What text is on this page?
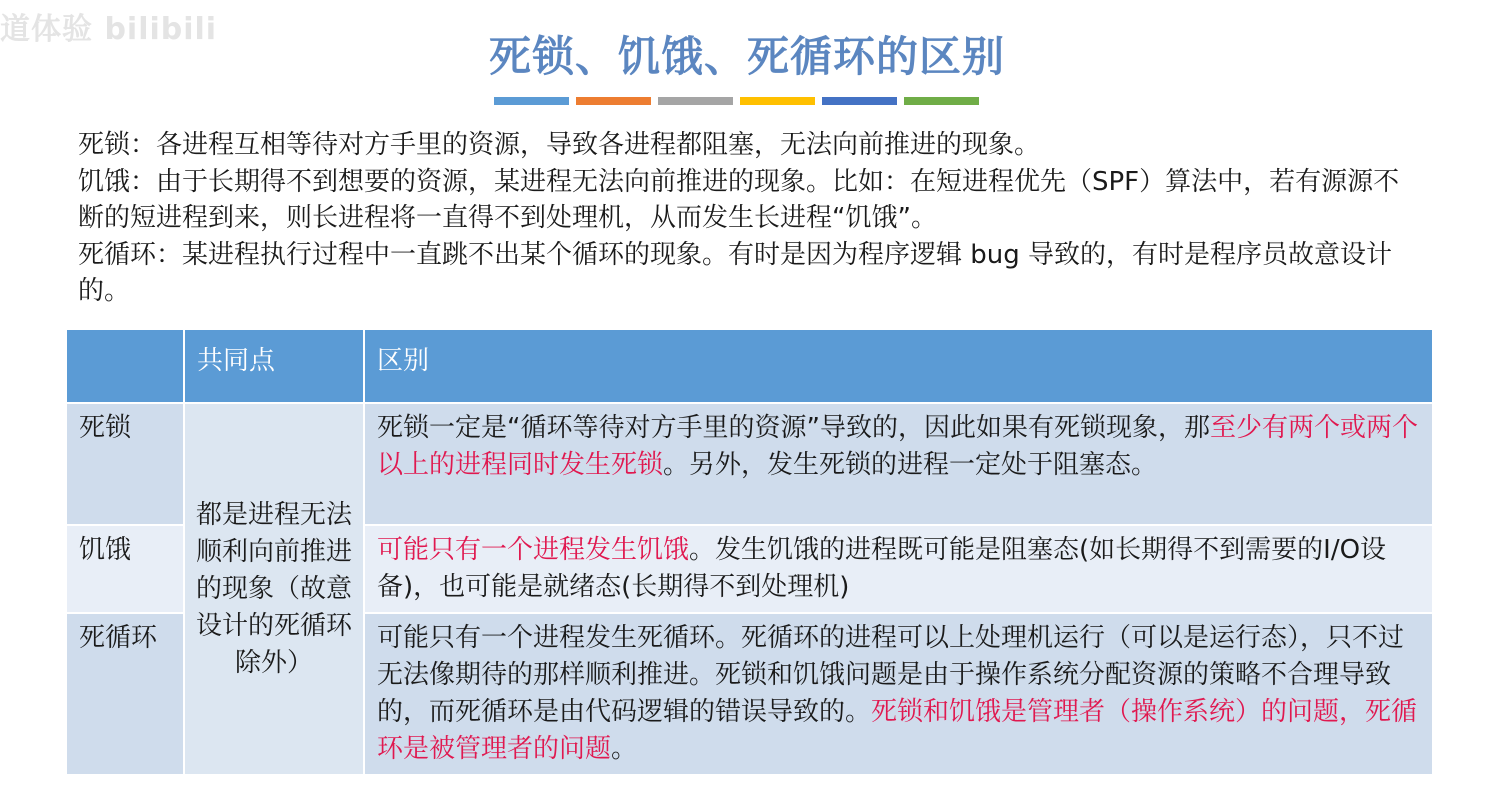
道体验 bilibili
死锁、饥饿、死循环的区别

死锁：各进程互相等待对方手里的资源，导致各进程都阻塞，无法向前推进的现象。

饥饿：由于长期得不到想要的资源，某进程无法向前推进的现象。比如：在短进程优先（SPF）算法中，若有源源不断的短进程到来，则长进程将一直得不到处理机，从而发生长进程“饥饿”。

死循环：某进程执行过程中一直跳不出某个循环的现象。有时是因为程序逻辑 bug 导致的，有时是程序员故意设计的。

	共同点	区别
死锁	都是进程无法顺利向前推进的现象（故意设计的死循环除外）	死锁一定是“循环等待对方手里的资源”导致的，因此如果有死锁现象，那至少有两个或两个以上的进程同时发生死锁。另外，发生死锁的进程一定处于阻塞态。
饥饿		可能只有一个进程发生饥饿。发生饥饿的进程既可能是阻塞态(如长期得不到需要的I/O设备)，也可能是就绪态(长期得不到处理机)
死循环		可能只有一个进程发生死循环。死循环的进程可以上处理机运行（可以是运行态），只不过无法像期待的那样顺利推进。死锁和饥饿问题是由于操作系统分配资源的策略不合理导致的，而死循环是由代码逻辑的错误导致的。死锁和饥饿是管理者（操作系统）的问题，死循环是被管理者的问题。
